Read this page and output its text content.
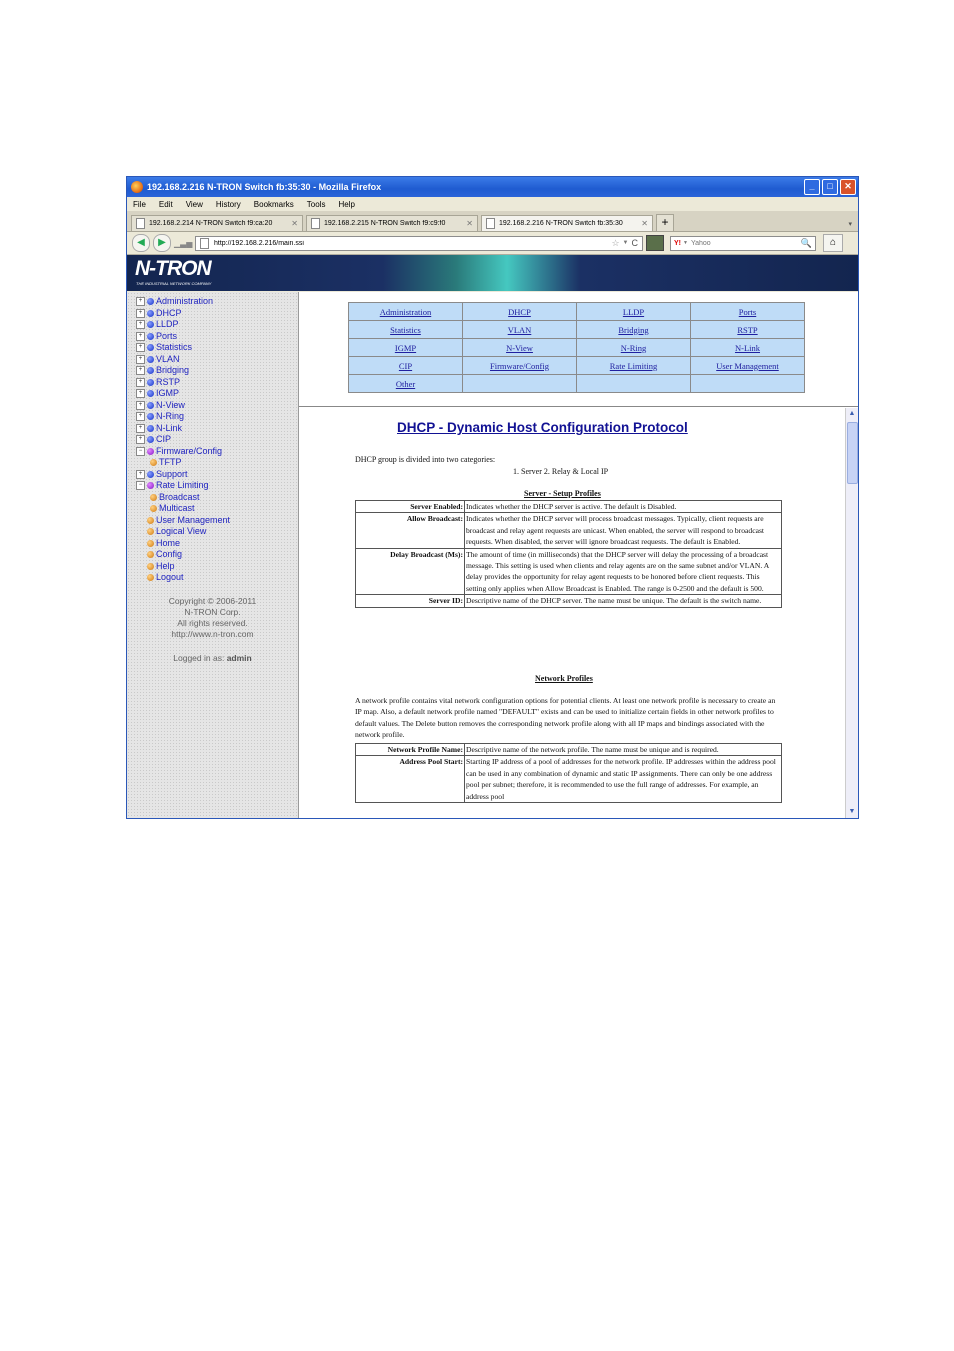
192.168.2.216 N-TRON Switch fb:35:30 - Mozilla Firefox	_	□	✕
File Edit View History Bookmarks Tools Help
192.168.2.214 N-TRON Switch f9:ca:20	✕	192.168.2.215 N-TRON Switch f9:c9:f0	✕	192.168.2.216 N-TRON Switch fb:35:30	✕	+	▾
◀	▶	▁▃▅
http://192.168.2.216/main.ssi	☆ ▼ C	Y! ▼
Yahoo	🔍	⌂
N-TRON
THE INDUSTRIAL NETWORK COMPANY
+	Administration
+	DHCP
+	LLDP
+	Ports
+	Statistics
+	VLAN
+	Bridging
+	RSTP
+	IGMP
+	N-View
+	N-Ring
+	N-Link
+	CIP
−	Firmware/Config
TFTP
+	Support
−	Rate Limiting
Broadcast
Multicast
User Management
Logical View
Home
Config
Help
Logout
Copyright © 2006-2011
N-TRON Corp.
All rights reserved.
http://www.n-tron.com
Logged in as: admin
Administration	DHCP	LLDP	Ports
Statistics	VLAN	Bridging	RSTP
IGMP	N-View	N-Ring	N-Link
CIP	Firmware/Config	Rate Limiting	User Management
Other			
DHCP - Dynamic Host Configuration Protocol
DHCP group is divided into two categories:
1. Server 2. Relay & Local IP
Server - Setup Profiles
Server Enabled:	Indicates whether the DHCP server is active. The default is Disabled.
Allow Broadcast:	Indicates whether the DHCP server will process broadcast messages. Typically, client requests are broadcast and relay agent requests are unicast. When enabled, the server will respond to broadcast requests. When disabled, the server will ignore broadcast requests. The default is Enabled.
Delay Broadcast (Ms):	The amount of time (in milliseconds) that the DHCP server will delay the processing of a broadcast message. This setting is used when clients and relay agents are on the same subnet and/or VLAN. A delay provides the opportunity for relay agent requests to be honored before client requests. This setting only applies when Allow Broadcast is Enabled. The range is 0-2500 and the default is 500.
Server ID:	Descriptive name of the DHCP server. The name must be unique. The default is the switch name.
Network Profiles
A network profile contains vital network configuration options for potential clients. At least one network profile is necessary to create an IP map. Also, a default network profile named "DEFAULT" exists and can be used to initialize certain fields in other network profiles to default values. The Delete button removes the corresponding network profile along with all IP maps and bindings associated with the network profile.
Network Profile Name:	Descriptive name of the network profile. The name must be unique and is required.
Address Pool Start:	Starting IP address of a pool of addresses for the network profile. IP addresses within the address pool can be used in any combination of dynamic and static IP assignments. There can only be one address pool per subnet; therefore, it is recommended to use the full range of addresses. For example, an address pool
▲
▼
